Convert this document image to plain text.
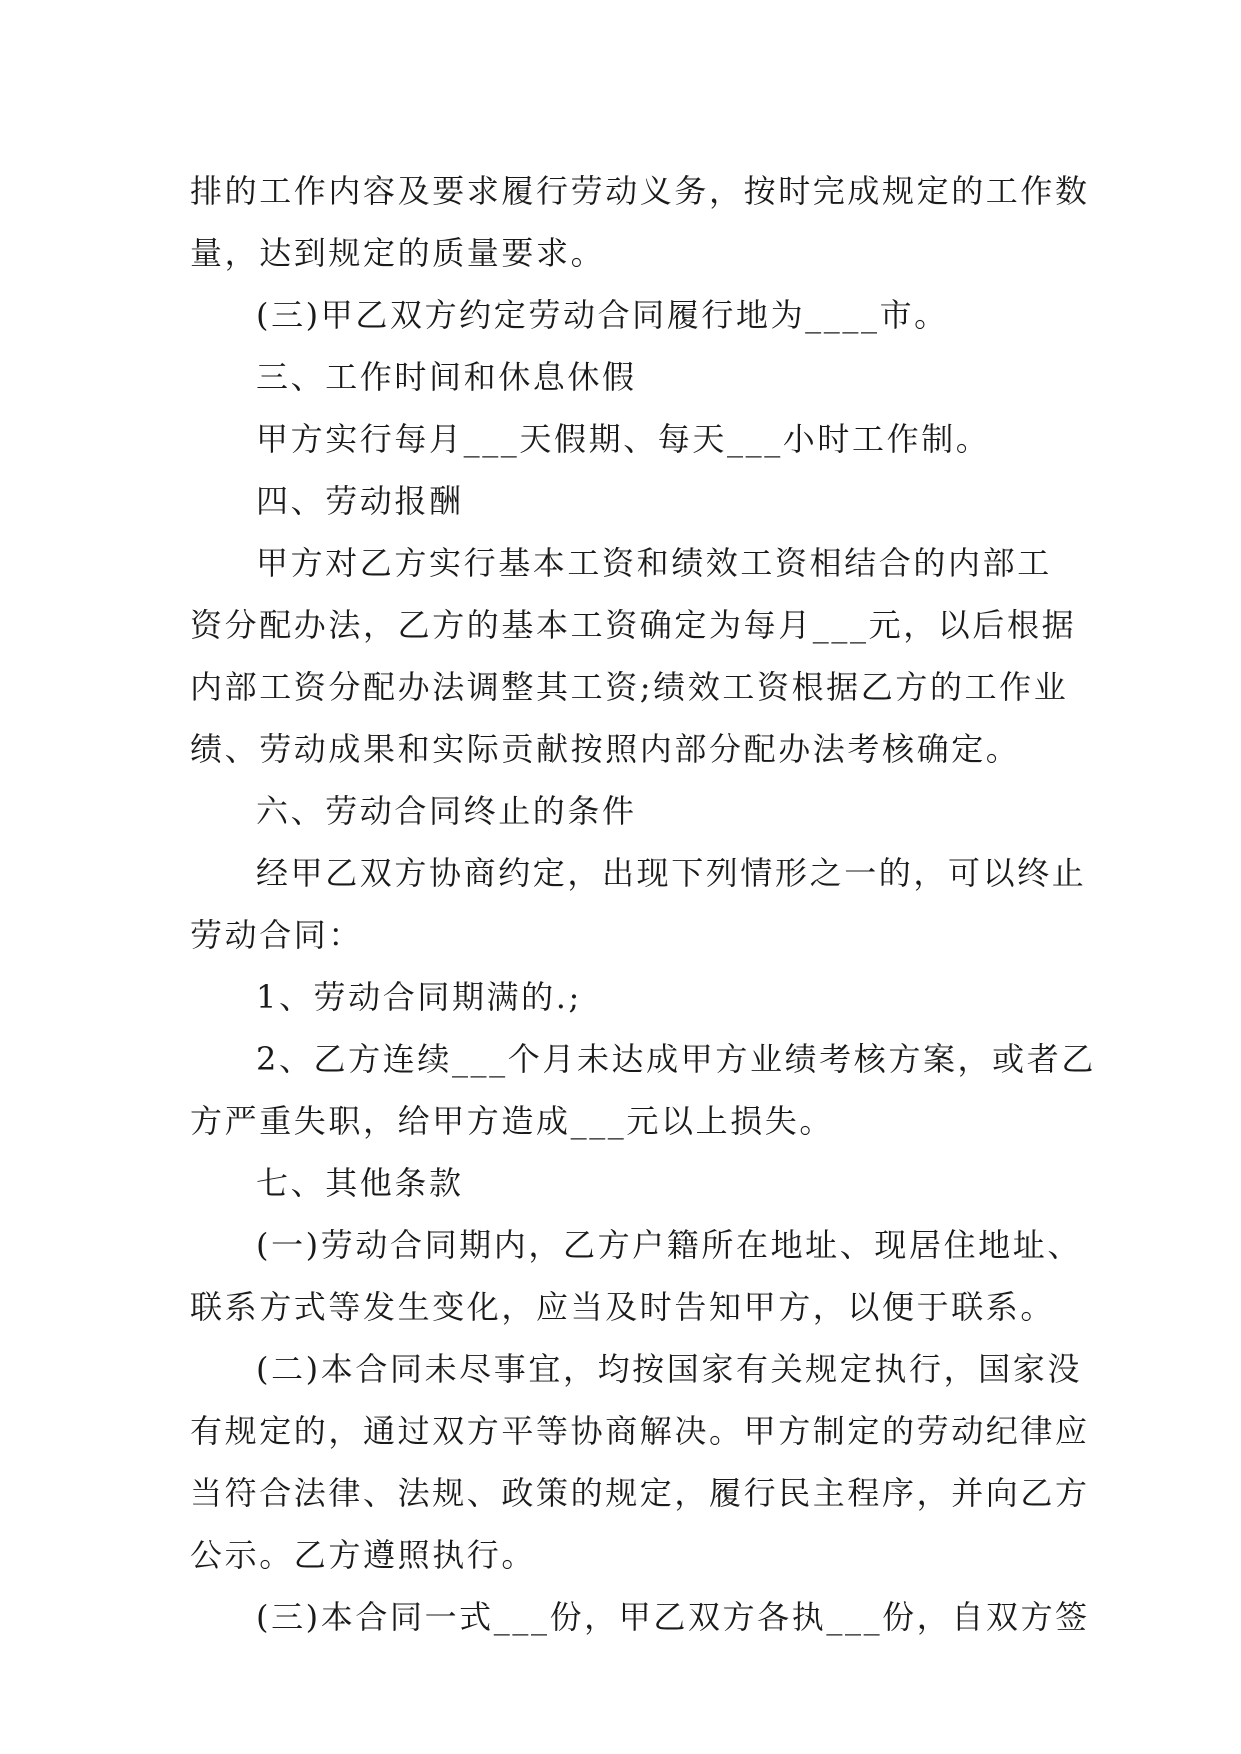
排的工作内容及要求履行劳动义务，按时完成规定的工作数
量，达到规定的质量要求。
(三)甲乙双方约定劳动合同履行地为____市。
三、工作时间和休息休假
甲方实行每月___天假期、每天___小时工作制。
四、劳动报酬
甲方对乙方实行基本工资和绩效工资相结合的内部工
资分配办法，乙方的基本工资确定为每月___元，以后根据
内部工资分配办法调整其工资;绩效工资根据乙方的工作业
绩、劳动成果和实际贡献按照内部分配办法考核确定。
六、劳动合同终止的条件
经甲乙双方协商约定，出现下列情形之一的，可以终止
劳动合同：
1、劳动合同期满的.;
2、乙方连续___个月未达成甲方业绩考核方案，或者乙
方严重失职，给甲方造成___元以上损失。
七、其他条款
(一)劳动合同期内，乙方户籍所在地址、现居住地址、
联系方式等发生变化，应当及时告知甲方，以便于联系。
(二)本合同未尽事宜，均按国家有关规定执行，国家没
有规定的，通过双方平等协商解决。甲方制定的劳动纪律应
当符合法律、法规、政策的规定，履行民主程序，并向乙方
公示。乙方遵照执行。
(三)本合同一式___份，甲乙双方各执___份，自双方签
